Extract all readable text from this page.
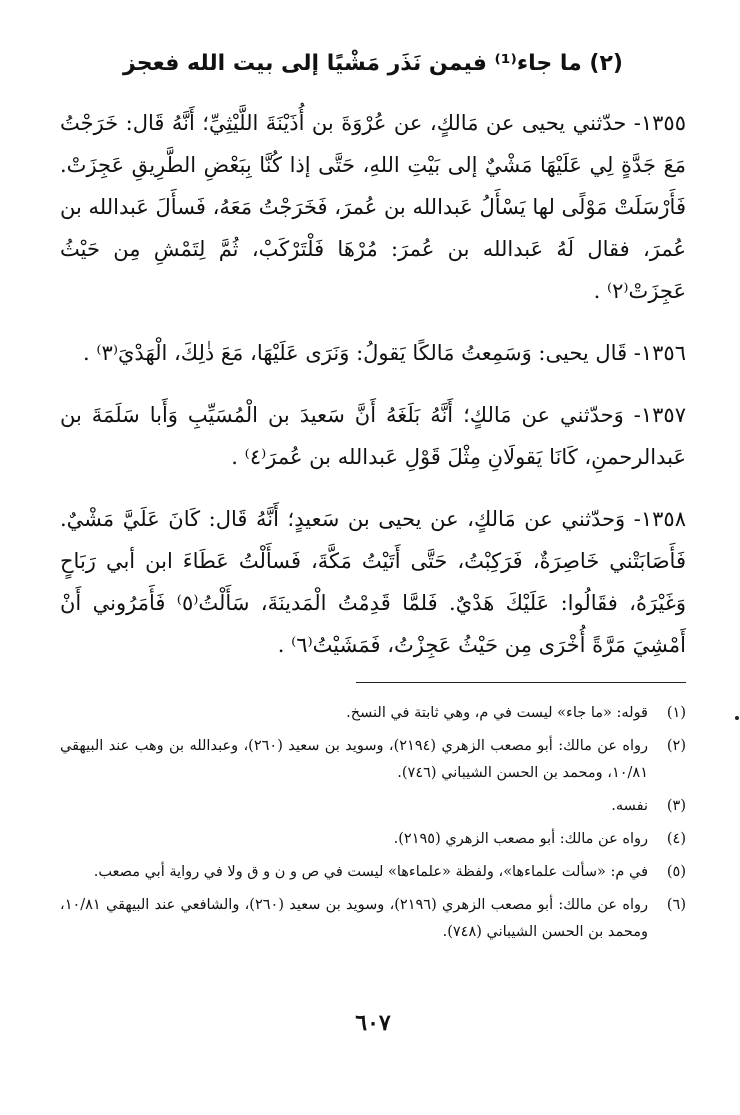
(٢) ما جاء⁽¹⁾ فيمن نَذَر مَشْيًا إلى بيت الله فعجز

١٣٥٥- حدّثني يحيى عن مَالكٍ، عن عُرْوَةَ بن أُذَيْنَةَ اللَّيْثِيِّ؛ أَنَّهُ قَال: خَرَجْتُ مَعَ جَدَّةٍ لِي عَلَيْهَا مَشْيٌ إلى بَيْتِ اللهِ، حَتَّى إذا كُنَّا بِبَعْضِ الطَّرِيقِ عَجِزَتْ. فَأَرْسَلَتْ مَوْلًى لها يَسْأَلُ عَبدالله بن عُمرَ، فَخَرَجْتُ مَعَهُ، فَسأَلَ عَبدالله بن عُمرَ، فقال لَهُ عَبدالله بن عُمرَ: مُرْهَا فَلْتَرْكَبْ، ثُمَّ لِتَمْشِ مِن حَيْثُ عَجِزَتْ⁽٢⁾ .

١٣٥٦- قَال يحيى: وَسَمِعتُ مَالكًا يَقولُ: وَنَرَى عَلَيْهَا، مَعَ ذٰلِكَ، الْهَدْيَ⁽٣⁾ .

١٣٥٧- وَحدّثني عن مَالكٍ؛ أَنَّهُ بَلَغَهُ أَنَّ سَعيدَ بن الْمُسَيِّبِ وَأَبا سَلَمَةَ بن عَبدالرحمنِ، كَانَا يَقولَانِ مِثْلَ قَوْلِ عَبدالله بن عُمرَ⁽٤⁾ .

١٣٥٨- وَحدّثني عن مَالكٍ، عن يحيى بن سَعيدٍ؛ أَنَّهُ قَال: كَانَ عَلَيَّ مَشْيٌ. فَأَصَابَتْني خَاصِرَةٌ، فَرَكِبْتُ، حَتَّى أَتَيْتُ مَكَّةَ، فَسأَلْتُ عَطَاءَ ابن أبي رَبَاحٍ وَغَيْرَهُ، فقَالُوا: عَلَيْكَ هَدْيٌ. فَلمَّا قَدِمْتُ الْمَدينَةَ، سَأَلْتُ⁽٥⁾ فَأَمَرُوني أَنْ أَمْشِيَ مَرَّةً أُخْرَى مِن حَيْثُ عَجِزْتُ، فَمَشَيْتُ⁽٦⁾ .

(١)
قوله: «ما جاء» ليست في م، وهي ثابتة في النسخ.
(٢)
رواه عن مالك: أبو مصعب الزهري (٢١٩٤)، وسويد بن سعيد (٢٦٠)، وعبدالله بن وهب عند البيهقي ١٠/٨١، ومحمد بن الحسن الشيباني (٧٤٦).
(٣)
نفسه.
(٤)
رواه عن مالك: أبو مصعب الزهري (٢١٩٥).
(٥)
في م: «سألت علماءها»، ولفظة «علماءها» ليست في ص و ن و ق ولا في رواية أبي مصعب.
(٦)
رواه عن مالك: أبو مصعب الزهري (٢١٩٦)، وسويد بن سعيد (٢٦٠)، والشافعي عند البيهقي ١٠/٨١، ومحمد بن الحسن الشيباني (٧٤٨).
٦٠٧
